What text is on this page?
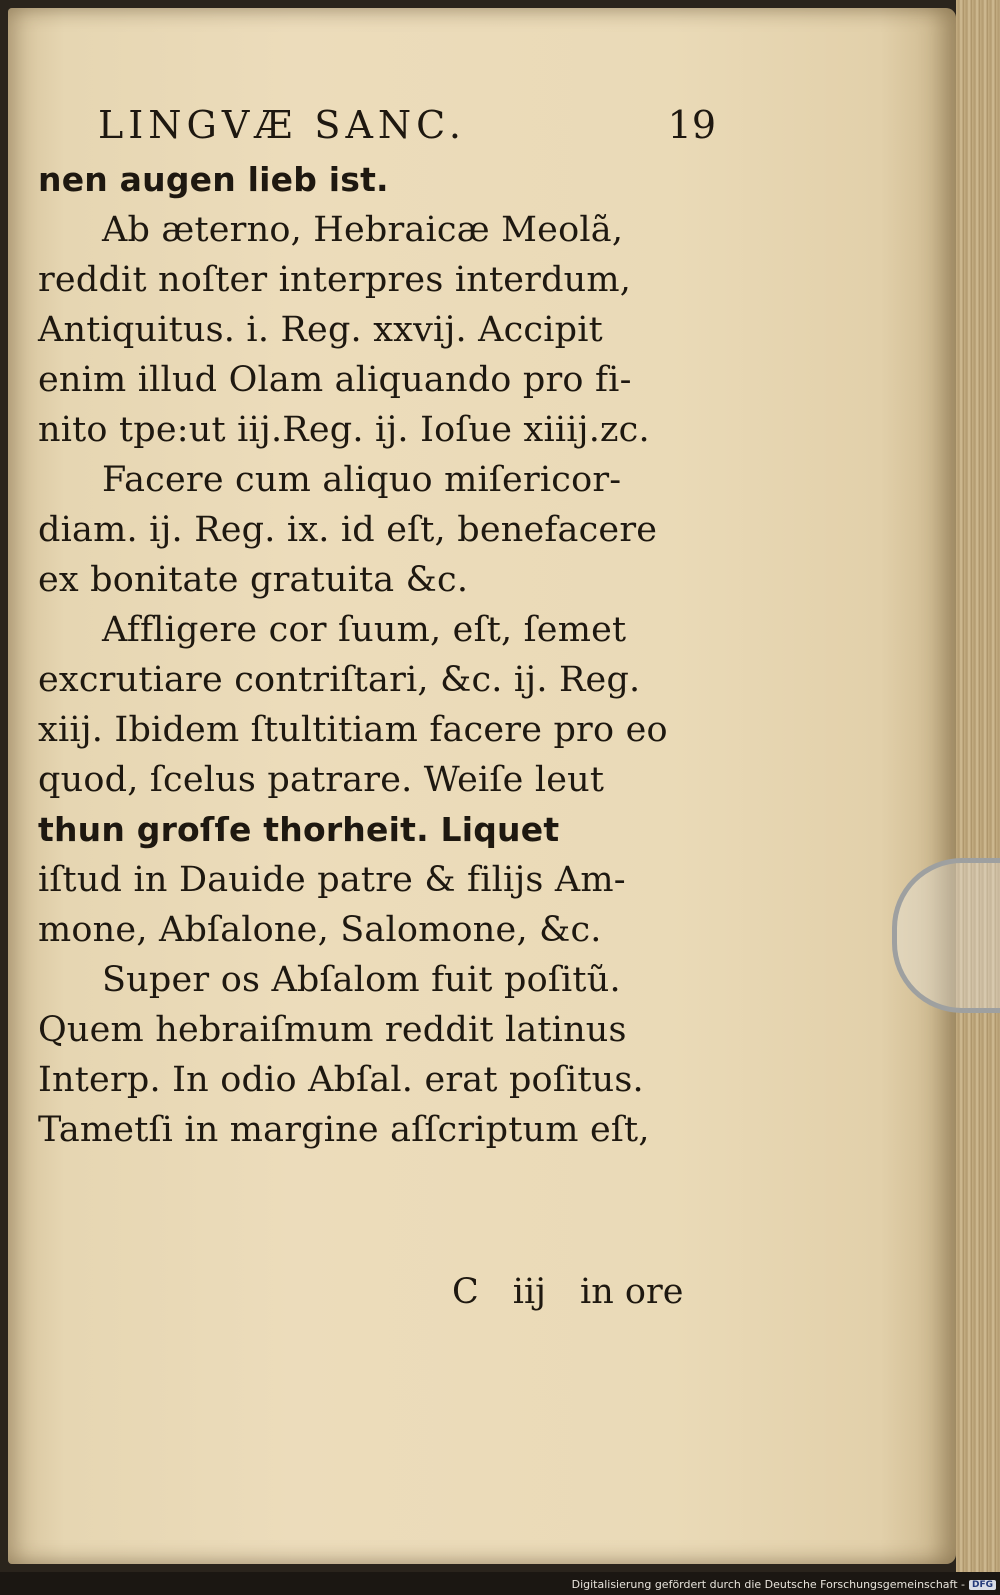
LINGVÆ SANC.	19
nen augen lieb ist.
Ab æterno, Hebraicæ Meolã,
reddit noſter interpres interdum,
Antiquitus. i. Reg. xxvij. Accipit
enim illud Olam aliquando pro fi-
nito tpe:ut iij.Reg. ij. Ioſue xiiij.zc.
Facere cum aliquo miſericor-
diam. ij. Reg. ix. id eſt, benefacere
ex bonitate gratuita &c.
Affligere cor ſuum, eſt, ſemet
excrutiare contriſtari, &c. ij. Reg.
xiij. Ibidem ſtultitiam facere pro eo
quod, ſcelus patrare. Weiſe leut
thun groſſe thorheit. Liquet
iſtud in Dauide patre & filijs Am-
mone, Abſalone, Salomone, &c.
Super os Abſalom fuit poſitũ.
Quem hebraiſmum reddit latinus
Interp. In odio Abſal. erat poſitus.
Tametſi in margine aſſcriptum eſt,
C iij in ore
Digitalisierung gefördert durch die Deutsche Forschungsgemeinschaft - DFG
